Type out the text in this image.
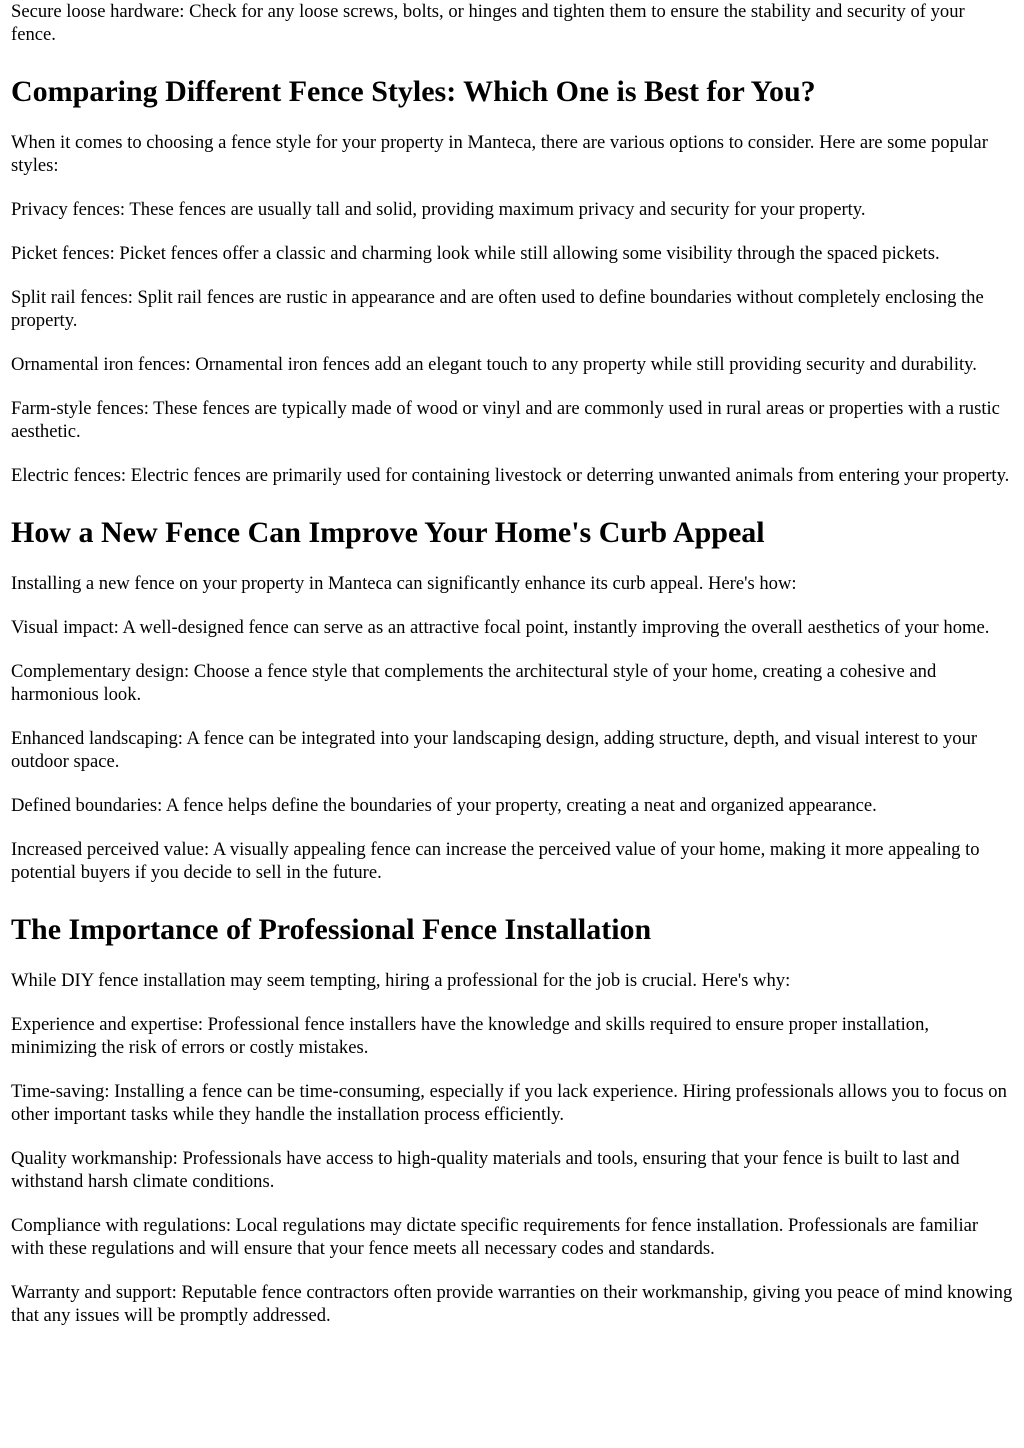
Secure loose hardware: Check for any loose screws, bolts, or hinges and tighten them to ensure the stability and security of your fence.

Comparing Different Fence Styles: Which One is Best for You?

When it comes to choosing a fence style for your property in Manteca, there are various options to consider. Here are some popular styles:

Privacy fences: These fences are usually tall and solid, providing maximum privacy and security for your property.

Picket fences: Picket fences offer a classic and charming look while still allowing some visibility through the spaced pickets.

Split rail fences: Split rail fences are rustic in appearance and are often used to define boundaries without completely enclosing the property.

Ornamental iron fences: Ornamental iron fences add an elegant touch to any property while still providing security and durability.

Farm-style fences: These fences are typically made of wood or vinyl and are commonly used in rural areas or properties with a rustic aesthetic.

Electric fences: Electric fences are primarily used for containing livestock or deterring unwanted animals from entering your property.

How a New Fence Can Improve Your Home's Curb Appeal

Installing a new fence on your property in Manteca can significantly enhance its curb appeal. Here's how:

Visual impact: A well-designed fence can serve as an attractive focal point, instantly improving the overall aesthetics of your home.

Complementary design: Choose a fence style that complements the architectural style of your home, creating a cohesive and harmonious look.

Enhanced landscaping: A fence can be integrated into your landscaping design, adding structure, depth, and visual interest to your outdoor space.

Defined boundaries: A fence helps define the boundaries of your property, creating a neat and organized appearance.

Increased perceived value: A visually appealing fence can increase the perceived value of your home, making it more appealing to potential buyers if you decide to sell in the future.

The Importance of Professional Fence Installation

While DIY fence installation may seem tempting, hiring a professional for the job is crucial. Here's why:

Experience and expertise: Professional fence installers have the knowledge and skills required to ensure proper installation, minimizing the risk of errors or costly mistakes.

Time-saving: Installing a fence can be time-consuming, especially if you lack experience. Hiring professionals allows you to focus on other important tasks while they handle the installation process efficiently.

Quality workmanship: Professionals have access to high-quality materials and tools, ensuring that your fence is built to last and withstand harsh climate conditions.

Compliance with regulations: Local regulations may dictate specific requirements for fence installation. Professionals are familiar with these regulations and will ensure that your fence meets all necessary codes and standards.

Warranty and support: Reputable fence contractors often provide warranties on their workmanship, giving you peace of mind knowing that any issues will be promptly addressed.
